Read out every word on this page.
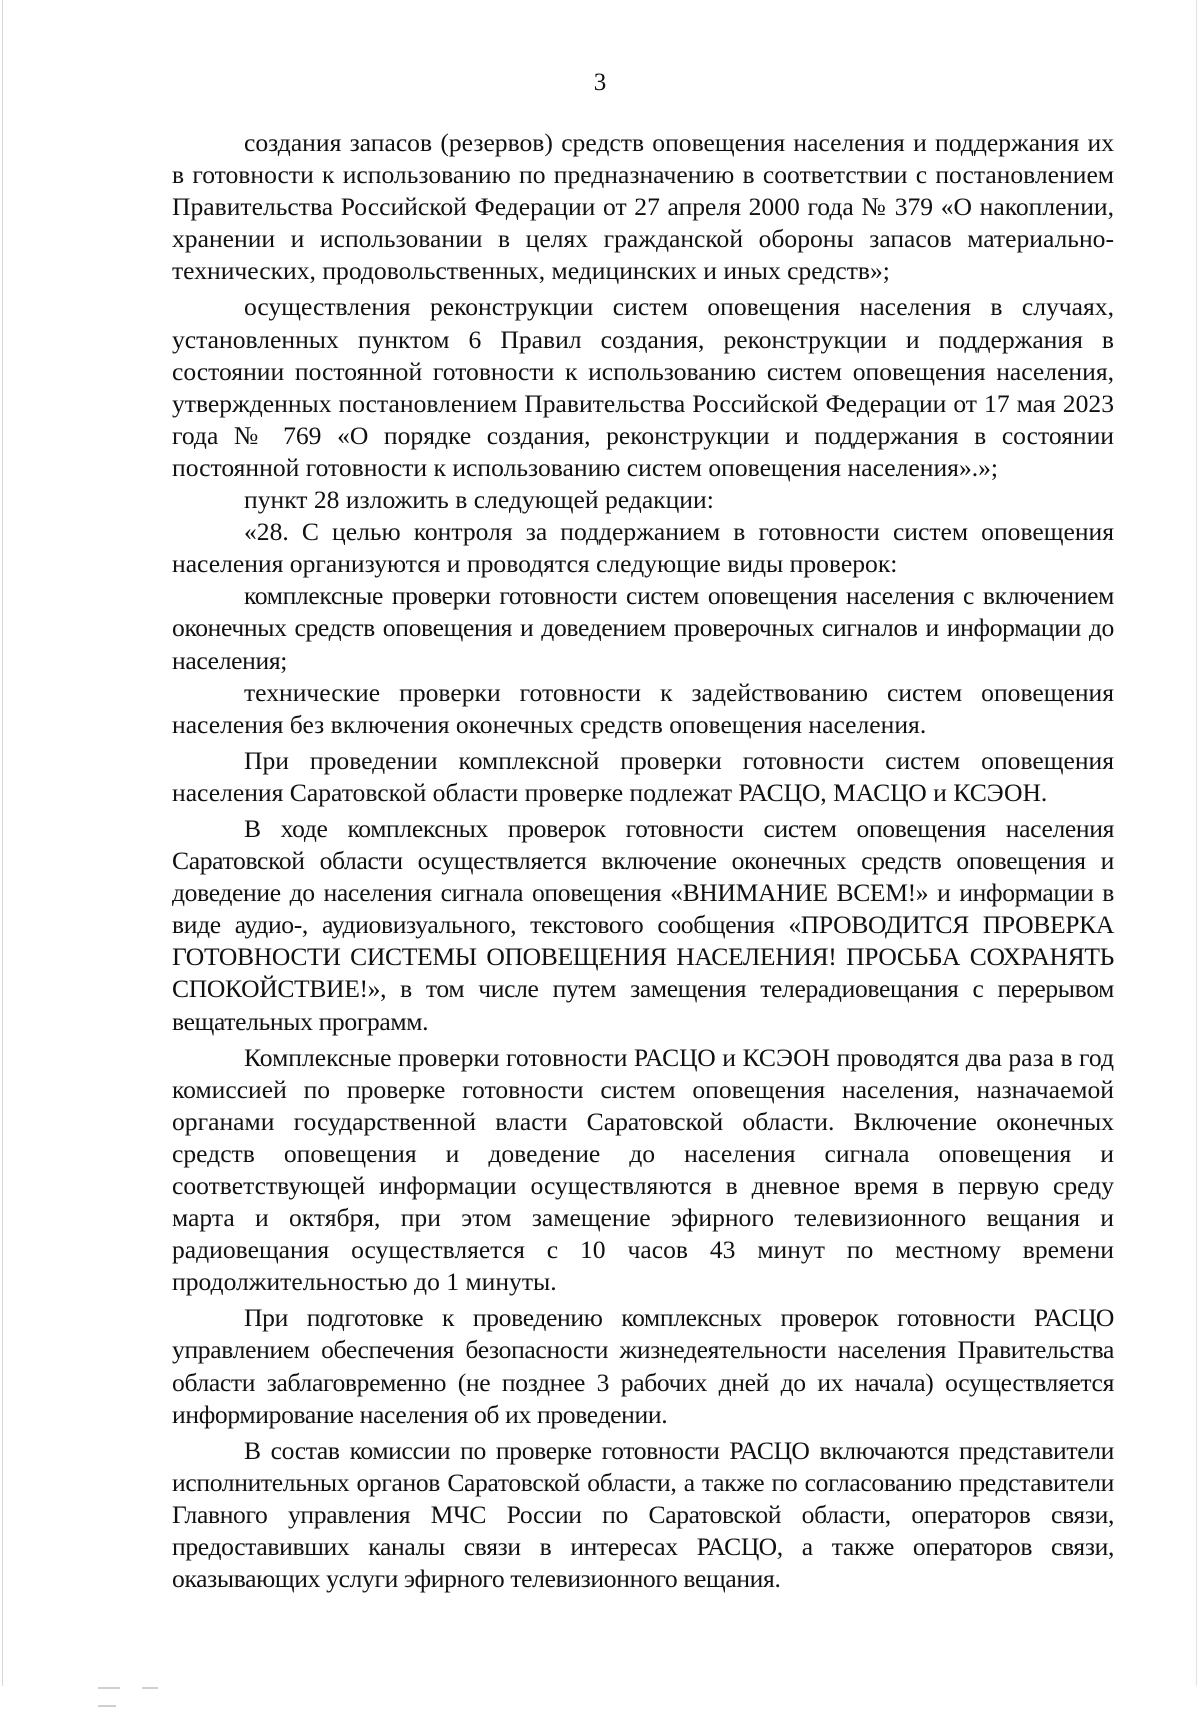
3

создания запасов (резервов) средств оповещения населения и поддержания их в готовности к использованию по предназначению в соответствии с постановлением Правительства Российской Федерации от 27 апреля 2000 года № 379 «О накоплении, хранении и использовании в целях гражданской обороны запасов материально-технических, продовольственных, медицинских и иных средств»;

осуществления реконструкции систем оповещения населения в случаях, установленных пунктом 6 Правил создания, реконструкции и поддержания в состоянии постоянной готовности к использованию систем оповещения населения, утвержденных постановлением Правительства Российской Федерации от 17 мая 2023 года № 769 «О порядке создания, реконструкции и поддержания в состоянии постоянной готовности к использованию систем оповещения населения».»;

пункт 28 изложить в следующей редакции:

«28. С целью контроля за поддержанием в готовности систем оповещения населения организуются и проводятся следующие виды проверок:

комплексные проверки готовности систем оповещения населения с включением оконечных средств оповещения и доведением проверочных сигналов и информации до населения;

технические проверки готовности к задействованию систем оповещения населения без включения оконечных средств оповещения населения.

При проведении комплексной проверки готовности систем оповещения населения Саратовской области проверке подлежат РАСЦО, МАСЦО и КСЭОН.

В ходе комплексных проверок готовности систем оповещения населения Саратовской области осуществляется включение оконечных средств оповещения и доведение до населения сигнала оповещения «ВНИМАНИЕ ВСЕМ!» и информации в виде аудио-, аудиовизуального, текстового сообщения «ПРОВОДИТСЯ ПРОВЕРКА ГОТОВНОСТИ СИСТЕМЫ ОПОВЕЩЕНИЯ НАСЕЛЕНИЯ! ПРОСЬБА СОХРАНЯТЬ СПОКОЙСТВИЕ!», в том числе путем замещения телерадиовещания с перерывом вещательных программ.

Комплексные проверки готовности РАСЦО и КСЭОН проводятся два раза в год комиссией по проверке готовности систем оповещения населения, назначаемой органами государственной власти Саратовской области. Включение оконечных средств оповещения и доведение до населения сигнала оповещения и соответствующей информации осуществляются в дневное время в первую среду марта и октября, при этом замещение эфирного телевизионного вещания и радиовещания осуществляется с 10 часов 43 минут по местному времени продолжительностью до 1 минуты.

При подготовке к проведению комплексных проверок готовности РАСЦО управлением обеспечения безопасности жизнедеятельности населения Правительства области заблаговременно (не позднее 3 рабочих дней до их начала) осуществляется информирование населения об их проведении.

В состав комиссии по проверке готовности РАСЦО включаются представители исполнительных органов Саратовской области, а также по согласованию представители Главного управления МЧС России по Саратовской области, операторов связи, предоставивших каналы связи в интересах РАСЦО, а также операторов связи, оказывающих услуги эфирного телевизионного вещания.
